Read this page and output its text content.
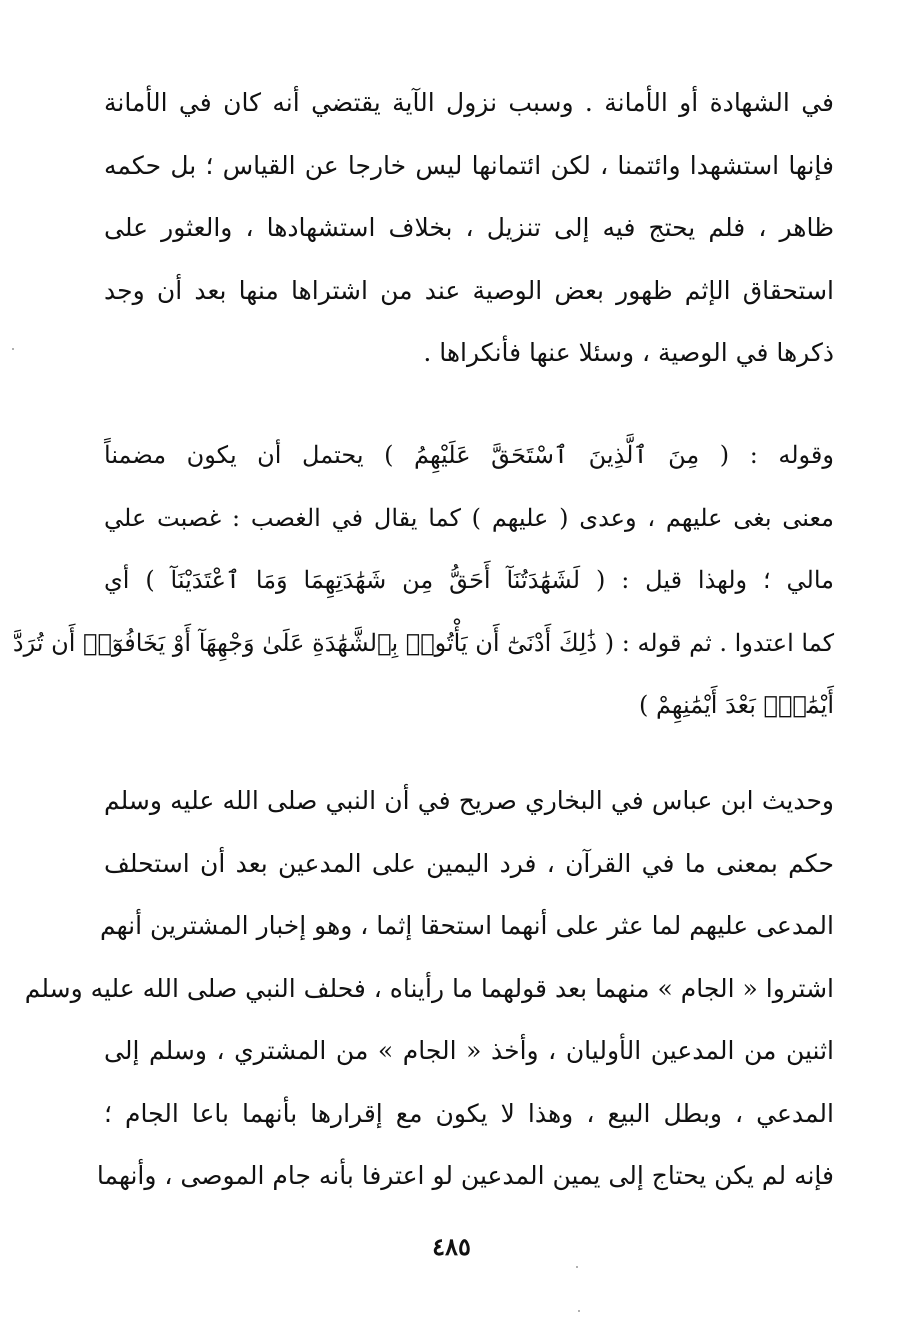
في الشهادة أو الأمانة . وسبب نزول الآية يقتضي أنه كان في الأمانة
فإنها استشهدا وائتمنا ، لكن ائتمانها ليس خارجا عن القياس ؛ بل حكمه
ظاهر ، فلم يحتج فيه إلى تنزيل ، بخلاف استشهادها ، والعثور على
استحقاق الإثم ظهور بعض الوصية عند من اشتراها منها بعد أن وجد
ذكرها في الوصية ، وسئلا عنها فأنكراها .
وقوله : ( مِنَ ٱلَّذِينَ ٱسْتَحَقَّ عَلَيْهِمُ ) يحتمل أن يكون مضمناً
معنى بغى عليهم ، وعدى ( عليهم ) كما يقال في الغصب : غصبت علي
مالي ؛ ولهذا قيل : ( لَشَهَٰدَتُنَآ أَحَقُّ مِن شَهَٰدَتِهِمَا وَمَا ٱعْتَدَيْنَآ ) أي
كما اعتدوا . ثم قوله : ( ذَٰلِكَ أَدْنَىٰٓ أَن يَأْتُوا۟ بِٱلشَّهَٰدَةِ عَلَىٰ وَجْهِهَآ أَوْ يَخَافُوٓا۟ أَن تُرَدَّ
أَيْمَٰنٌۢ بَعْدَ أَيْمَٰنِهِمْ )
وحديث ابن عباس في البخاري صريح في أن النبي صلى الله عليه وسلم
حكم بمعنى ما في القرآن ، فرد اليمين على المدعين بعد أن استحلف
المدعى عليهم لما عثر على أنهما استحقا إثما ، وهو إخبار المشترين أنهم
اشتروا « الجام » منهما بعد قولهما ما رأيناه ، فحلف النبي صلى الله عليه وسلم
اثنين من المدعين الأوليان ، وأخذ « الجام » من المشتري ، وسلم إلى
المدعي ، وبطل البيع ، وهذا لا يكون مع إقرارها بأنهما باعا الجام ؛
فإنه لم يكن يحتاج إلى يمين المدعين لو اعترفا بأنه جام الموصى ، وأنهما
٤٨٥
